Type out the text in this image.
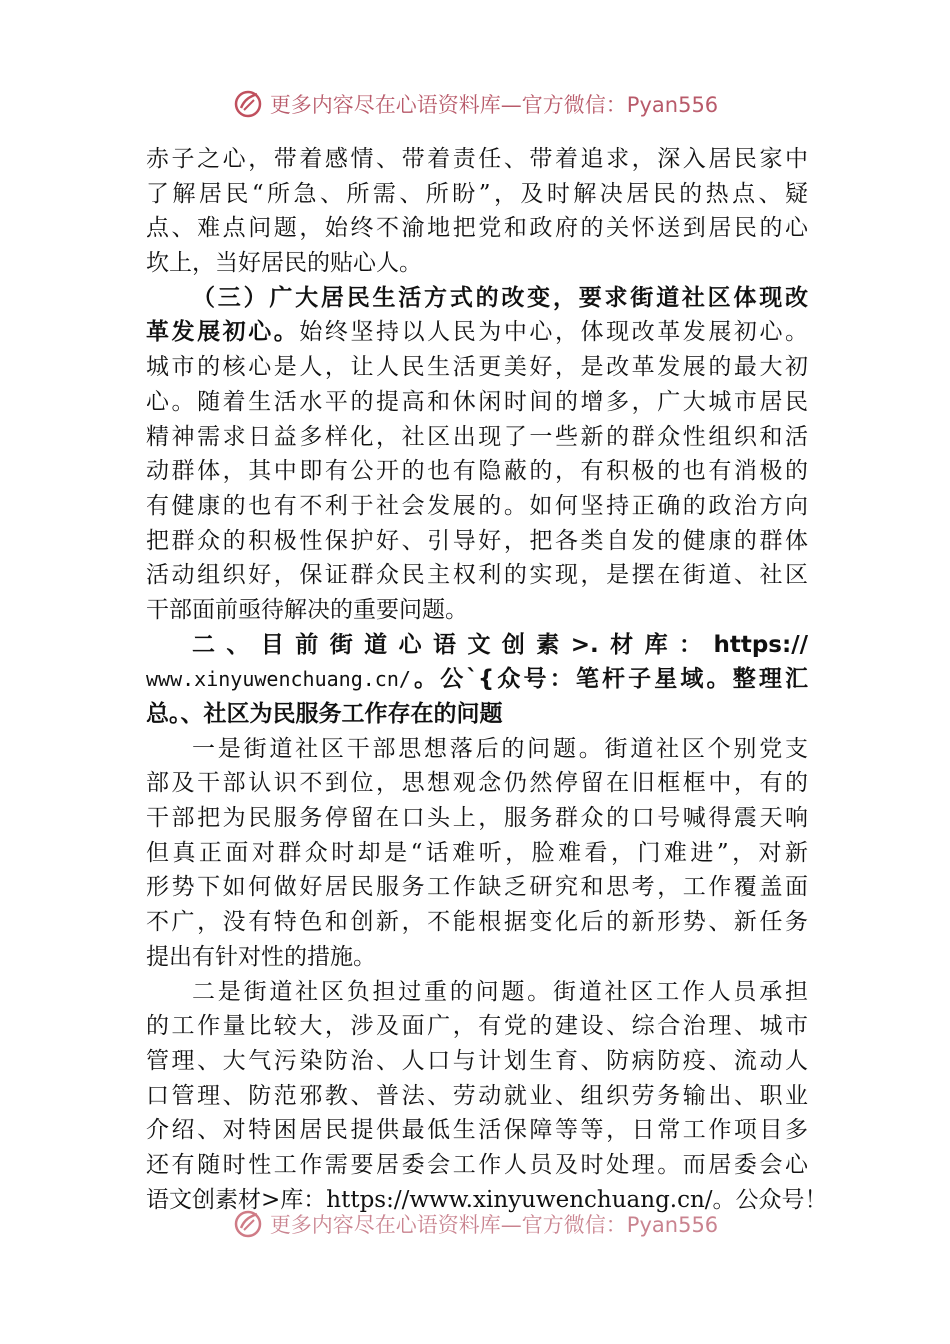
更多内容尽在心语资料库—官方微信：Pyan556
赤子之心，带着感情、带着责任、带着追求，深入居民家中
了解居民“所急、所需、所盼”，及时解决居民的热点、疑
点、难点问题，始终不渝地把党和政府的关怀送到居民的心
坎上，当好居民的贴心人。
（三）广大居民生活方式的改变，要求街道社区体现改
革发展初心。始终坚持以人民为中心，体现改革发展初心。
城市的核心是人，让人民生活更美好，是改革发展的最大初
心。随着生活水平的提高和休闲时间的增多，广大城市居民
精神需求日益多样化，社区出现了一些新的群众性组织和活
动群体，其中即有公开的也有隐蔽的，有积极的也有消极的
有健康的也有不利于社会发展的。如何坚持正确的政治方向
把群众的积极性保护好、引导好，把各类自发的健康的群体
活动组织好，保证群众民主权利的实现，是摆在街道、社区
干部面前亟待解决的重要问题。
二、目前街道心语文创素>.材库：https://
www.xinyuwenchuang.cn/。公`{众号：笔杆子星域。整理汇
总。、社区为民服务工作存在的问题
一是街道社区干部思想落后的问题。街道社区个别党支
部及干部认识不到位，思想观念仍然停留在旧框框中，有的
干部把为民服务停留在口头上，服务群众的口号喊得震天响
但真正面对群众时却是“话难听，脸难看，门难进”，对新
形势下如何做好居民服务工作缺乏研究和思考，工作覆盖面
不广，没有特色和创新，不能根据变化后的新形势、新任务
提出有针对性的措施。
二是街道社区负担过重的问题。街道社区工作人员承担
的工作量比较大，涉及面广，有党的建设、综合治理、城市
管理、大气污染防治、人口与计划生育、防病防疫、流动人
口管理、防范邪教、普法、劳动就业、组织劳务输出、职业
介绍、对特困居民提供最低生活保障等等，日常工作项目多
还有随时性工作需要居委会工作人员及时处理。而居委会心
语文创素材>库：https://www.xinyuwenchuang.cn/。公众号！
更多内容尽在心语资料库—官方微信：Pyan556
